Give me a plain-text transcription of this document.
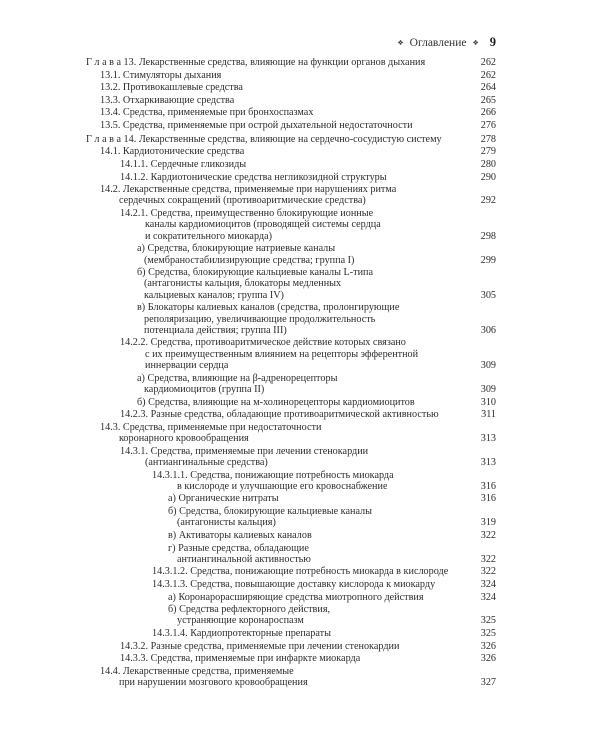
❖ Оглавление ❖ 9
Г л а в а 13. Лекарственные средства, влияющие на функции органов дыхания	262
13.1. Стимуляторы дыхания	262
13.2. Противокашлевые средства	264
13.3. Отхаркивающие средства	265
13.4. Средства, применяемые при бронхоспазмах	266
13.5. Средства, применяемые при острой дыхательной недостаточности	276
Г л а в а 14. Лекарственные средства, влияющие на сердечно-сосудистую систему	278
14.1. Кардиотонические средства	279
14.1.1. Сердечные гликозиды	280
14.1.2. Кардиотонические средства негликозидной структуры	290
14.2. Лекарственные средства, применяемые при нарушениях ритма
сердечных сокращений (противоаритмические средства)	292
14.2.1. Средства, преимущественно блокирующие ионные
каналы кардиомиоцитов (проводящей системы сердца
и сократительного миокарда)	298
а) Средства, блокирующие натриевые каналы
(мембраностабилизирующие средства; группа I)	299
б) Средства, блокирующие кальциевые каналы L-типа
(антагонисты кальция, блокаторы медленных
кальциевых каналов; группа IV)	305
в) Блокаторы калиевых каналов (средства, пролонгирующие
реполяризацию, увеличивающие продолжительность
потенциала действия; группа III)	306
14.2.2. Средства, противоаритмическое действие которых связано
с их преимущественным влиянием на рецепторы эфферентной
иннервации сердца	309
а) Средства, влияющие на β-адренорецепторы
кардиомиоцитов (группа II)	309
б) Средства, влияющие на м-холинорецепторы кардиомиоцитов	310
14.2.3. Разные средства, обладающие противоаритмической активностью	311
14.3. Средства, применяемые при недостаточности
коронарного кровообращения	313
14.3.1. Средства, применяемые при лечении стенокардии
(антиангинальные средства)	313
14.3.1.1. Средства, понижающие потребность миокарда
в кислороде и улучшающие его кровоснабжение	316
а) Органические нитраты	316
б) Средства, блокирующие кальциевые каналы
(антагонисты кальция)	319
в) Активаторы калиевых каналов	322
г) Разные средства, обладающие
антиангинальной активностью	322
14.3.1.2. Средства, понижающие потребность миокарда в кислороде	322
14.3.1.3. Средства, повышающие доставку кислорода к миокарду	324
а) Коронарорасширяющие средства миотропного действия	324
б) Средства рефлекторного действия,
устраняющие коронароспазм	325
14.3.1.4. Кардиопротекторные препараты	325
14.3.2. Разные средства, применяемые при лечении стенокардии	326
14.3.3. Средства, применяемые при инфаркте миокарда	326
14.4. Лекарственные средства, применяемые
при нарушении мозгового кровообращения	327
